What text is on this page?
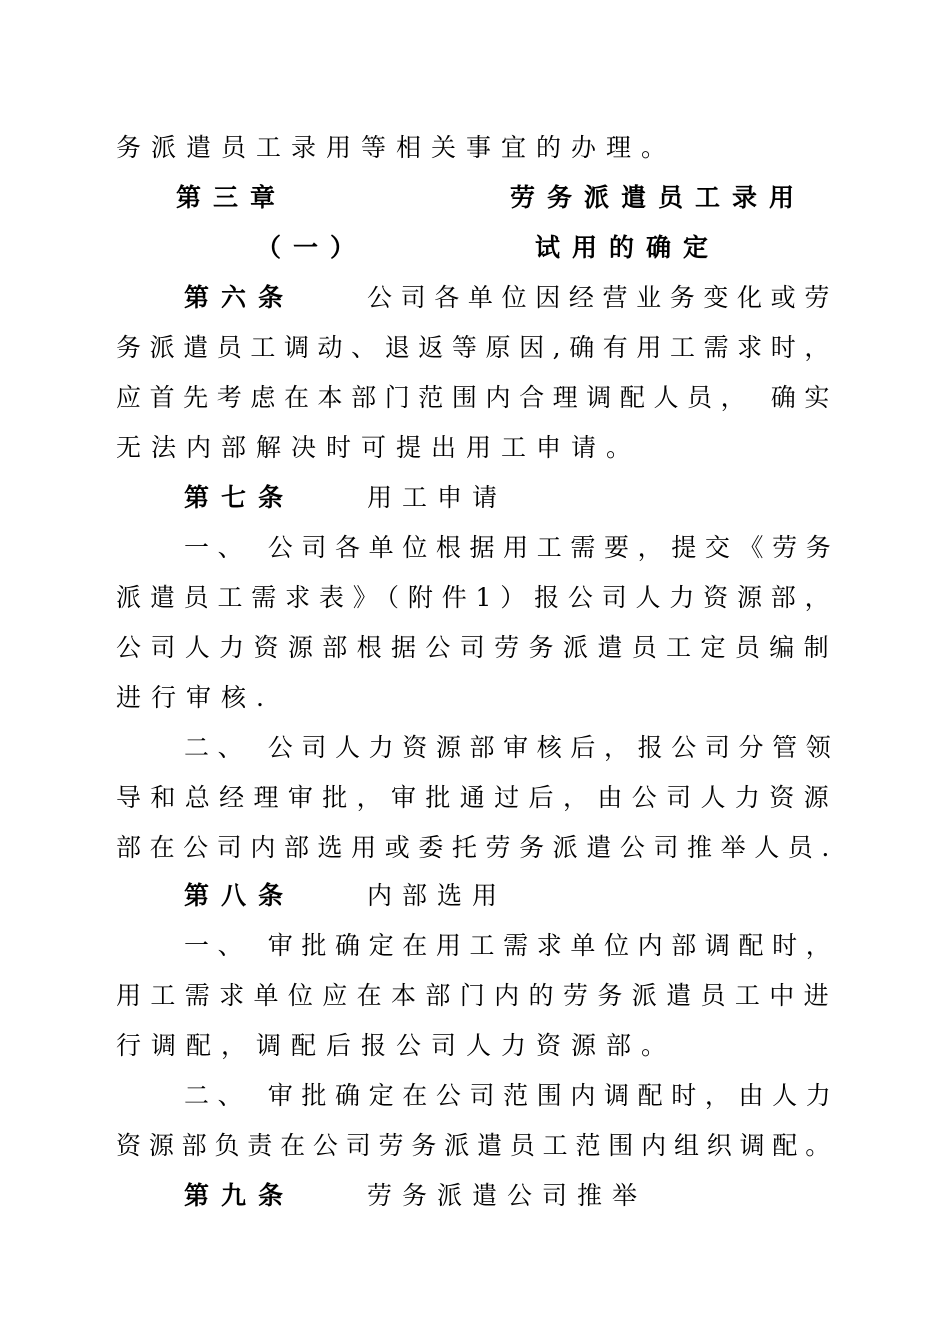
务派遣员工录用等相关事宜的办理。
第三章	劳务派遣员工录用
（一）	试用的确定
第六条	公司各单位因经营业务变化或劳
务派遣员工调动、退返等原因,确有用工需求时，
应首先考虑在本部门范围内合理调配人员， 确实
无法内部解决时可提出用工申请。
第七条	用工申请
一、 公司各单位根据用工需要，提交《劳务
派遣员工需求表》（附件1）报公司人力资源部，
公司人力资源部根据公司劳务派遣员工定员编制
进行审核.
二、 公司人力资源部审核后，报公司分管领
导和总经理审批，审批通过后，由公司人力资源
部在公司内部选用或委托劳务派遣公司推举人员.
第八条	内部选用
一、 审批确定在用工需求单位内部调配时，
用工需求单位应在本部门内的劳务派遣员工中进
行调配，调配后报公司人力资源部。
二、 审批确定在公司范围内调配时，由人力
资源部负责在公司劳务派遣员工范围内组织调配。
第九条	劳务派遣公司推举
